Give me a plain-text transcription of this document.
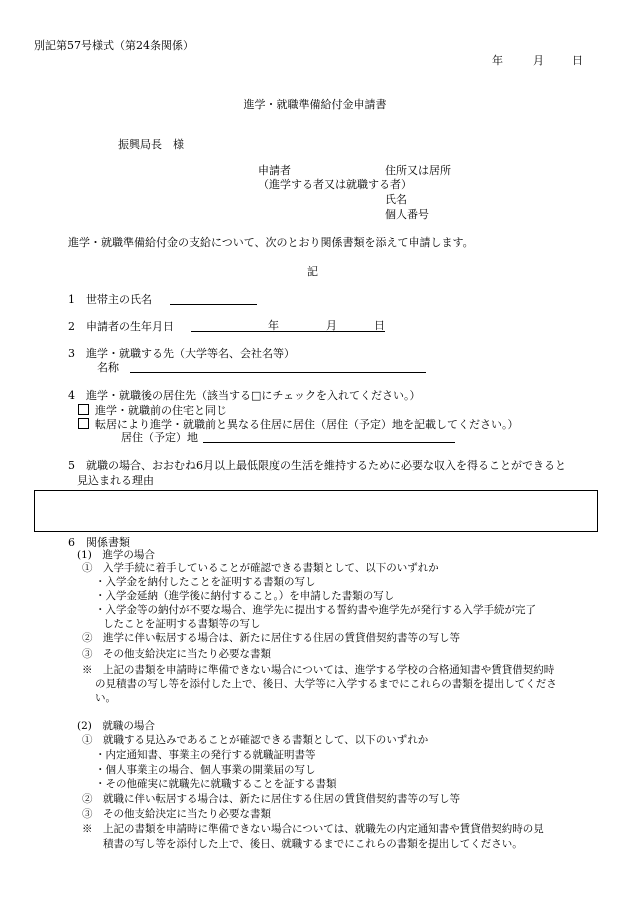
別記第57号様式（第24条関係）
年	月	日
進学・就職準備給付金申請書
振興局長　様
申請者
（進学する者又は就職する者）
住所又は居所
氏名
個人番号
進学・就職準備給付金の支給について、次のとおり関係書類を添えて申請します。
記
1　世帯主の氏名
2　申請者の生年月日	年	月	日
3　進学・就職する先（大学等名、会社名等）
名称
4　進学・就職後の居住先（該当する□にチェックを入れてください。）
進学・就職前の住宅と同じ
転居により進学・就職前と異なる住居に居住（居住（予定）地を記載してください。）
居住（予定）地
5　就職の場合、おおむね6月以上最低限度の生活を維持するために必要な収入を得ることができると
見込まれる理由
6　関係書類
(1)　進学の場合
①　入学手続に着手していることが確認できる書類として、以下のいずれか
・入学金を納付したことを証明する書類の写し
・入学金延納（進学後に納付すること。）を申請した書類の写し
・入学金等の納付が不要な場合、進学先に提出する誓約書や進学先が発行する入学手続が完了
したことを証明する書類等の写し
②　進学に伴い転居する場合は、新たに居住する住居の賃貸借契約書等の写し等
③　その他支給決定に当たり必要な書類
※　上記の書類を申請時に準備できない場合については、進学する学校の合格通知書や賃貸借契約時
の見積書の写し等を添付した上で、後日、大学等に入学するまでにこれらの書類を提出してくださ
い。
(2)　就職の場合
①　就職する見込みであることが確認できる書類として、以下のいずれか
・内定通知書、事業主の発行する就職証明書等
・個人事業主の場合、個人事業の開業届の写し
・その他確実に就職先に就職することを証する書類
②　就職に伴い転居する場合は、新たに居住する住居の賃貸借契約書等の写し等
③　その他支給決定に当たり必要な書類
※　上記の書類を申請時に準備できない場合については、就職先の内定通知書や賃貸借契約時の見
積書の写し等を添付した上で、後日、就職するまでにこれらの書類を提出してください。
